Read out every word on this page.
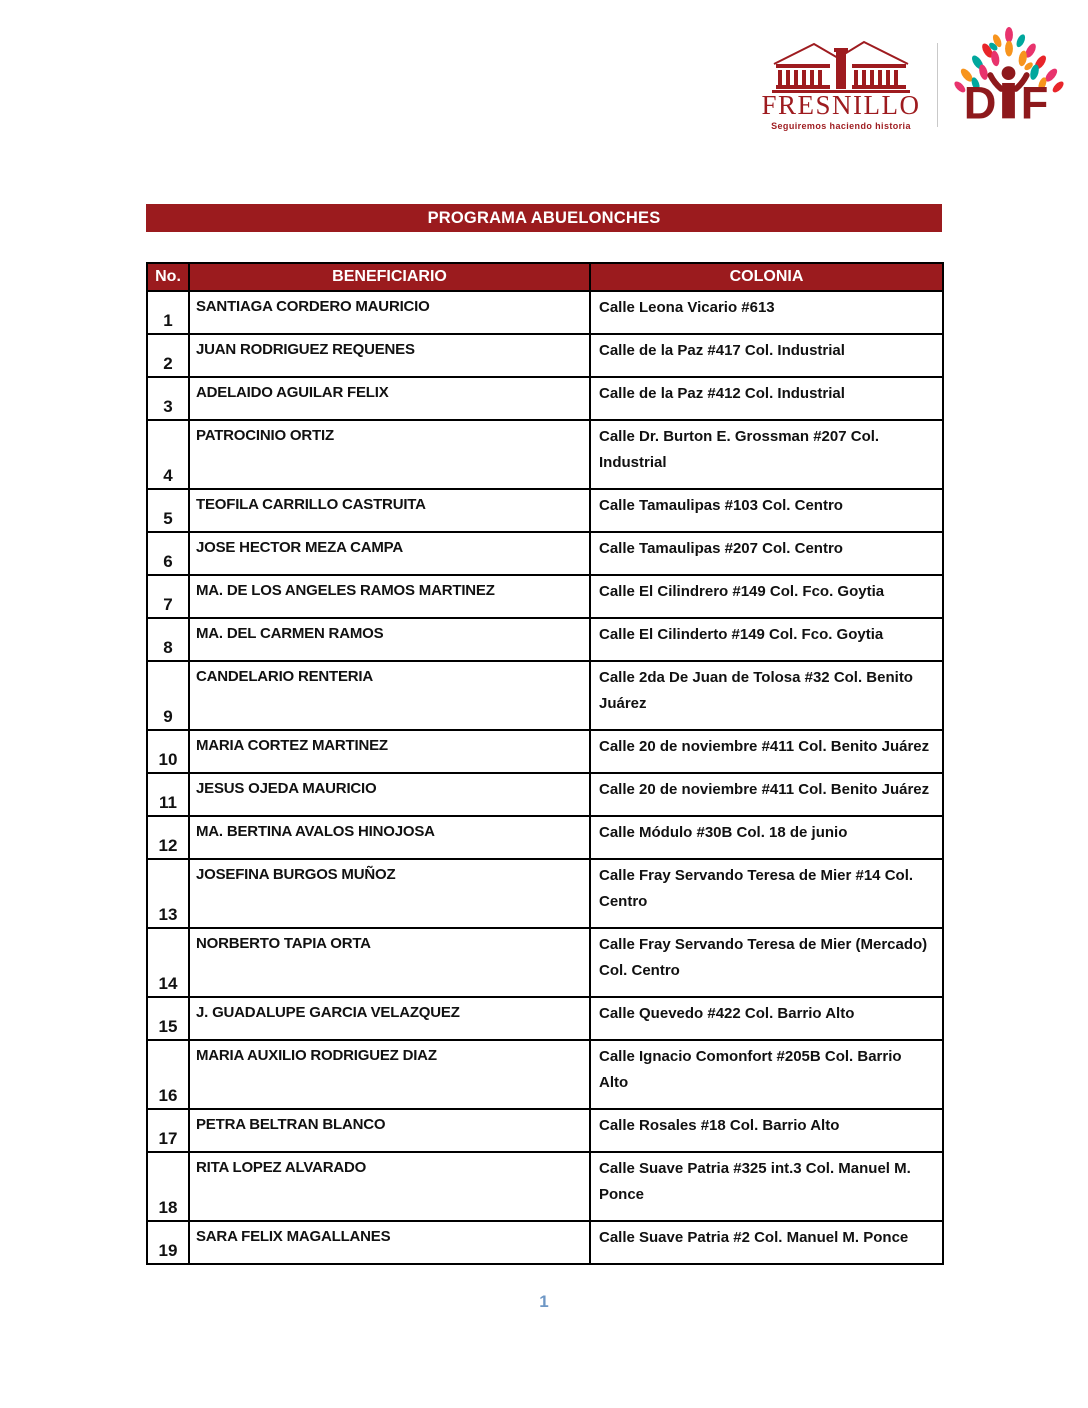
FRESNILLO
Seguiremos haciendo historia D F
PROGRAMA ABUELONCHES
No.	BENEFICIARIO	COLONIA
1	SANTIAGA CORDERO MAURICIO	Calle Leona Vicario #613
2	JUAN RODRIGUEZ REQUENES	Calle de la Paz #417 Col. Industrial
3	ADELAIDO AGUILAR FELIX	Calle de la Paz #412 Col. Industrial
4	PATROCINIO ORTIZ	Calle Dr. Burton E. Grossman #207 Col. Industrial
5	TEOFILA CARRILLO CASTRUITA	Calle Tamaulipas #103 Col. Centro
6	JOSE HECTOR MEZA CAMPA	Calle Tamaulipas #207 Col. Centro
7	MA. DE LOS ANGELES RAMOS MARTINEZ	Calle El Cilindrero #149 Col. Fco. Goytia
8	MA. DEL CARMEN RAMOS	Calle El Cilinderto #149 Col. Fco. Goytia
9	CANDELARIO RENTERIA	Calle 2da De Juan de Tolosa #32 Col. Benito Juárez
10	MARIA CORTEZ MARTINEZ	Calle 20 de noviembre #411 Col. Benito Juárez
11	JESUS OJEDA MAURICIO	Calle 20 de noviembre #411 Col. Benito Juárez
12	MA. BERTINA AVALOS HINOJOSA	Calle Módulo #30B Col. 18 de junio
13	JOSEFINA BURGOS MUÑOZ	Calle Fray Servando Teresa de Mier #14 Col. Centro
14	NORBERTO TAPIA ORTA	Calle Fray Servando Teresa de Mier (Mercado) Col. Centro
15	J. GUADALUPE GARCIA VELAZQUEZ	Calle Quevedo #422 Col. Barrio Alto
16	MARIA AUXILIO RODRIGUEZ DIAZ	Calle Ignacio Comonfort #205B Col. Barrio Alto
17	PETRA BELTRAN BLANCO	Calle Rosales #18 Col. Barrio Alto
18	RITA LOPEZ ALVARADO	Calle Suave Patria #325 int.3 Col. Manuel M. Ponce
19	SARA FELIX MAGALLANES	Calle Suave Patria #2 Col. Manuel M. Ponce
1
